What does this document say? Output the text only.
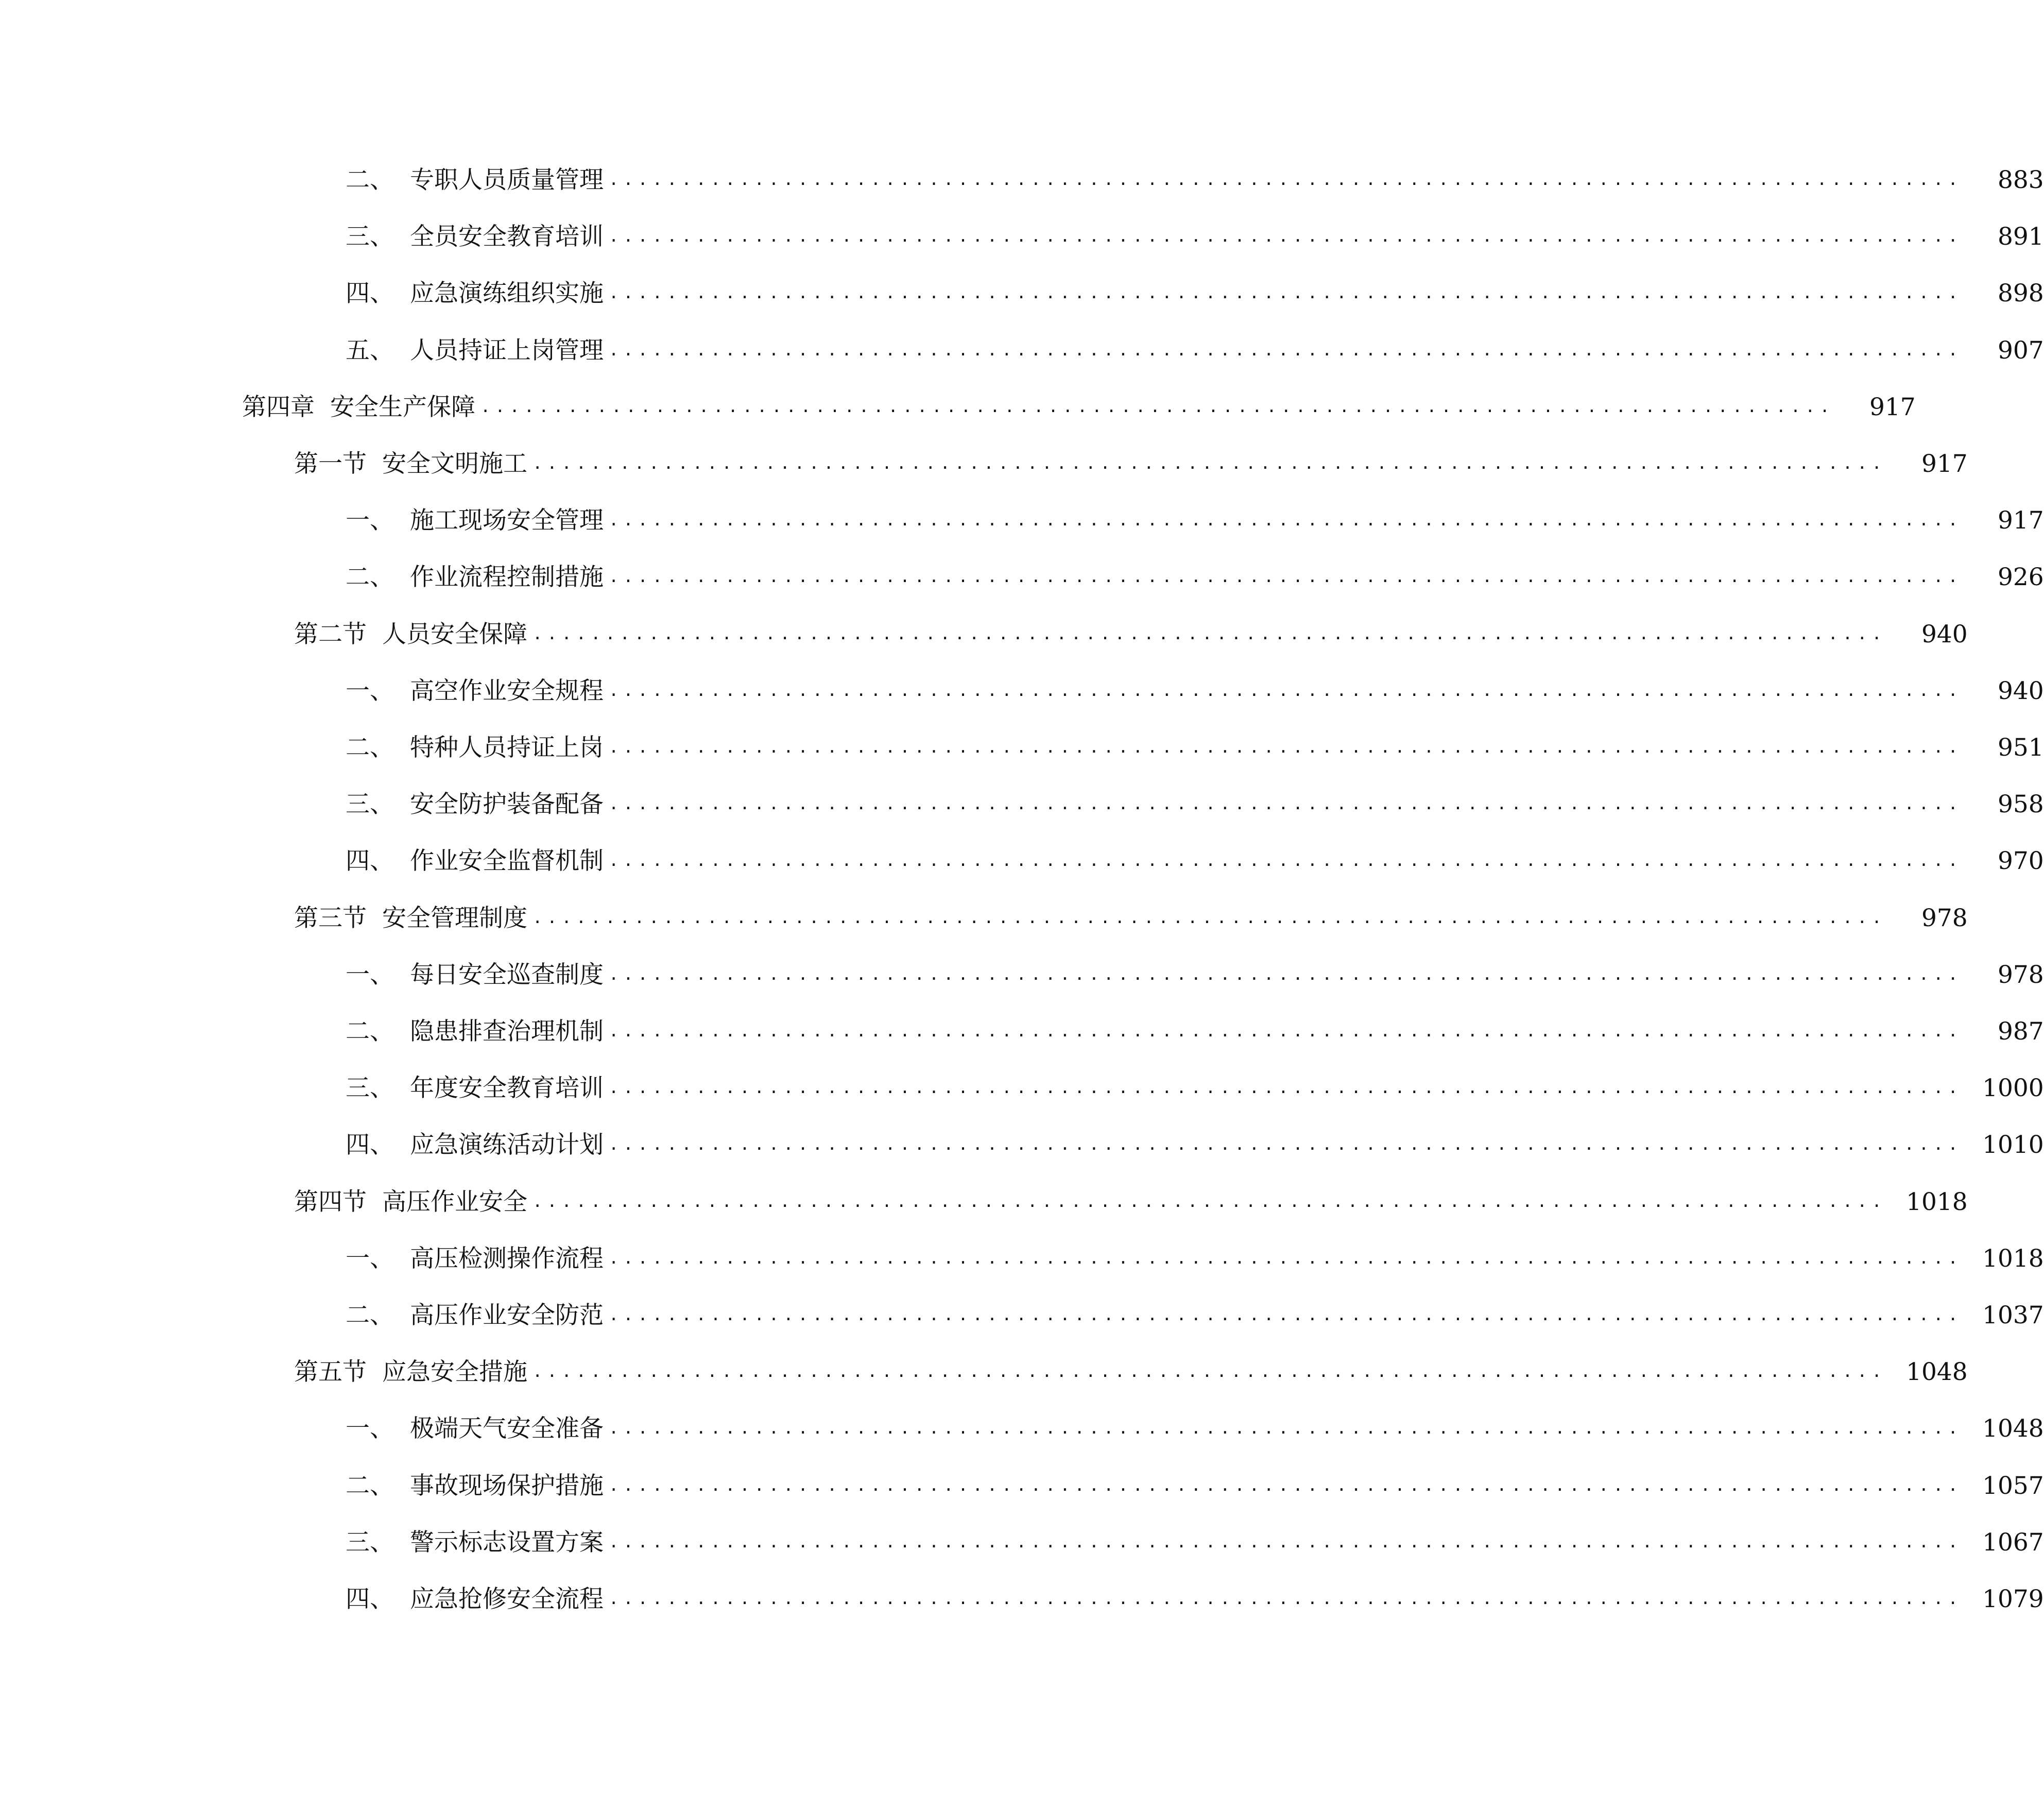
二、 专职人员质量管理 .............................................................................................	883
三、 全员安全教育培训 .............................................................................................	891
四、 应急演练组织实施 .............................................................................................	898
五、 人员持证上岗管理 .............................................................................................	907
第四章 安全生产保障 .............................................................................................	917
第一节 安全文明施工 .............................................................................................	917
一、 施工现场安全管理 .............................................................................................	917
二、 作业流程控制措施 .............................................................................................	926
第二节 人员安全保障 .............................................................................................	940
一、 高空作业安全规程 .............................................................................................	940
二、 特种人员持证上岗 .............................................................................................	951
三、 安全防护装备配备 .............................................................................................	958
四、 作业安全监督机制 .............................................................................................	970
第三节 安全管理制度 .............................................................................................	978
一、 每日安全巡查制度 .............................................................................................	978
二、 隐患排查治理机制 .............................................................................................	987
三、 年度安全教育培训 ............................................................................................. 1000
四、 应急演练活动计划 ............................................................................................. 1010
第四节 高压作业安全 ............................................................................................. 1018
一、 高压检测操作流程 ............................................................................................. 1018
二、 高压作业安全防范 ............................................................................................. 1037
第五节 应急安全措施 ............................................................................................. 1048
一、 极端天气安全准备 ............................................................................................. 1048
二、 事故现场保护措施 ............................................................................................. 1057
三、 警示标志设置方案 ............................................................................................. 1067
四、 应急抢修安全流程 ............................................................................................. 1079
